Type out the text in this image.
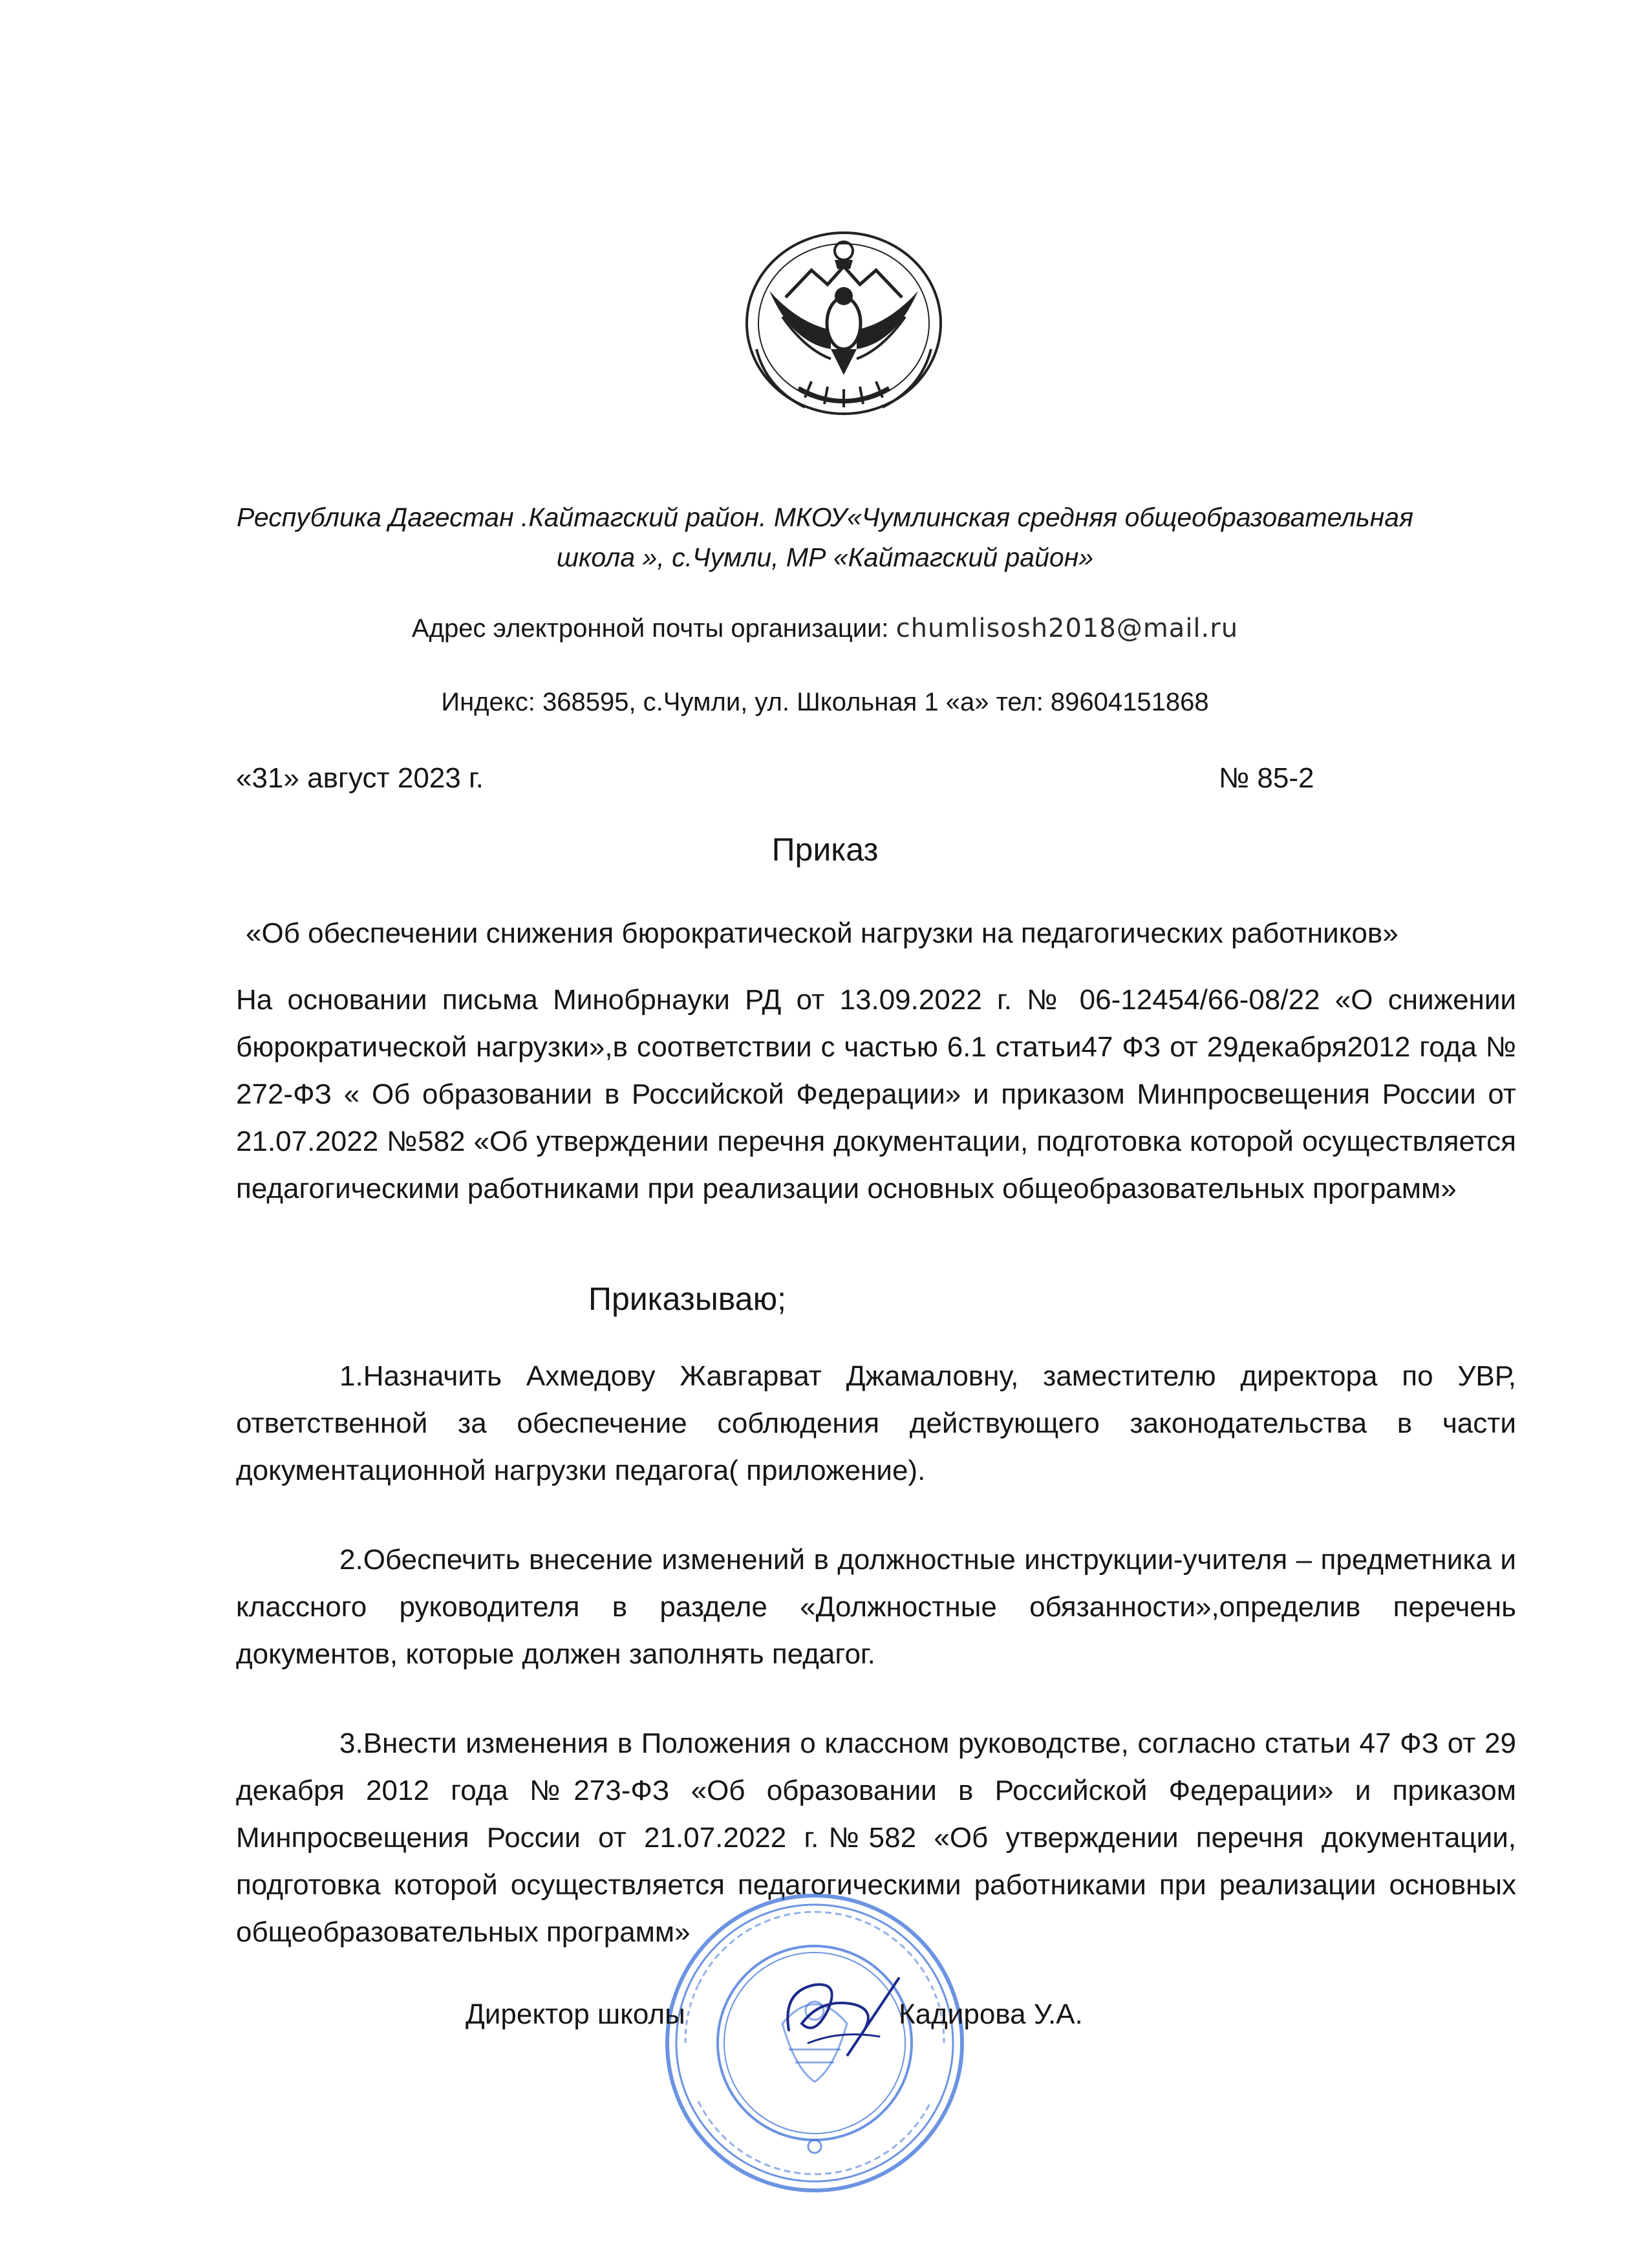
Республика Дагестан .Кайтагский район. МКОУ«Чумлинская средняя общеобразовательная
школа », с.Чумли, МР «Кайтагский район»
Адрес электронной почты организации: chumlisosh2018@mail.ru
Индекс: 368595, с.Чумли, ул. Школьная 1 «а» тел: 89604151868
«31» август 2023 г.	№ 85-2
Приказ
«Об обеспечении снижения бюрократической нагрузки на педагогических работников»
На основании письма Минобрнауки РД от 13.09.2022 г. № 06-12454/66-08/22 «О снижении бюрократической нагрузки»,в соответствии с частью 6.1 статьи47 ФЗ от 29декабря2012 года № 272-ФЗ « Об образовании в Российской Федерации» и приказом Минпросвещения России от 21.07.2022 №582 «Об утверждении перечня документации, подготовка которой осуществляется педагогическими работниками при реализации основных общеобразовательных программ»
Приказываю;
1.Назначить Ахмедову Жавгарват Джамаловну, заместителю директора по УВР, ответственной за обеспечение соблюдения действующего законодательства в части документационной нагрузки педагога( приложение).
2.Обеспечить внесение изменений в должностные инструкции-учителя – предметника и классного руководителя в разделе «Должностные обязанности»,определив перечень документов, которые должен заполнять педагог.
3.Внести изменения в Положения о классном руководстве, согласно статьи 47 ФЗ от 29 декабря 2012 года №273-ФЗ «Об образовании в Российской Федерации» и приказом Минпросвещения России от 21.07.2022 г.№582 «Об утверждении перечня документации, подготовка которой осуществляется педагогическими работниками при реализации основных общеобразовательных программ»
Директор школы	Кадирова У.А.
